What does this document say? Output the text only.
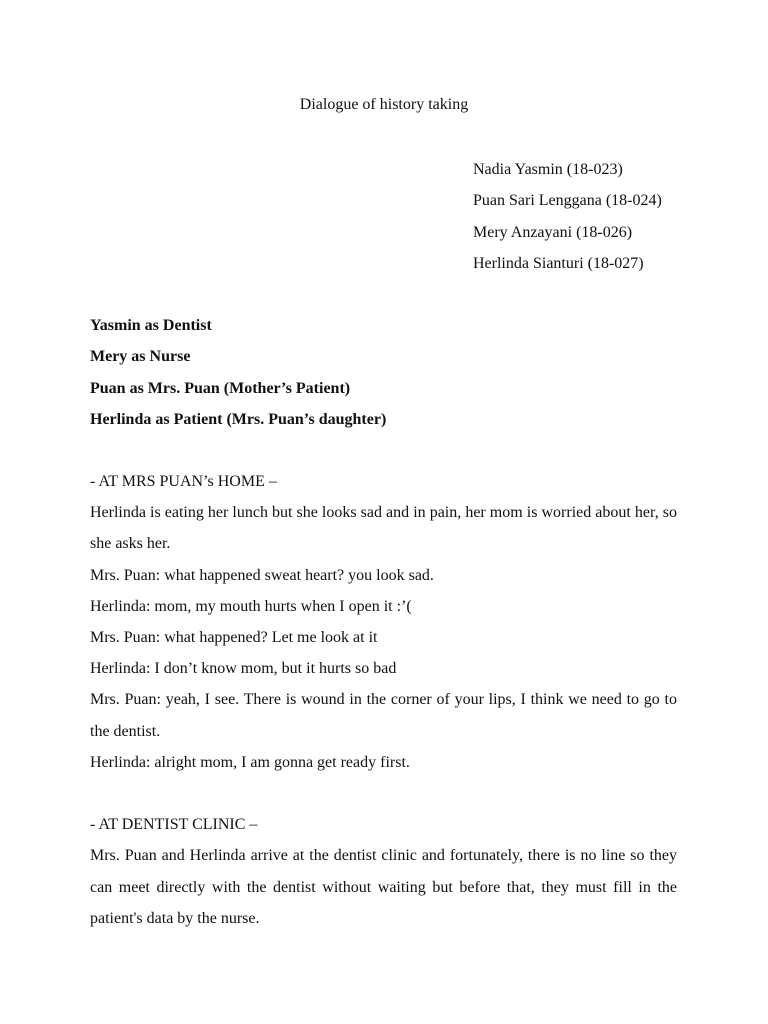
Dialogue of history taking
Nadia Yasmin (18-023)
Puan Sari Lenggana (18-024)
Mery Anzayani (18-026)
Herlinda Sianturi (18-027)
Yasmin as Dentist
Mery as Nurse
Puan as Mrs. Puan (Mother’s Patient)
Herlinda as Patient (Mrs. Puan’s daughter)

- AT MRS PUAN’s HOME –

Herlinda is eating her lunch but she looks sad and in pain, her mom is worried about her, so she asks her.

Mrs. Puan: what happened sweat heart? you look sad.

Herlinda: mom, my mouth hurts when I open it :’(

Mrs. Puan: what happened? Let me look at it

Herlinda: I don’t know mom, but it hurts so bad

Mrs. Puan: yeah, I see. There is wound in the corner of your lips, I think we need to go to the dentist.

Herlinda: alright mom, I am gonna get ready first.

- AT DENTIST CLINIC –

Mrs. Puan and Herlinda arrive at the dentist clinic and fortunately, there is no line so they can meet directly with the dentist without waiting but before that, they must fill in the patient's data by the nurse.
